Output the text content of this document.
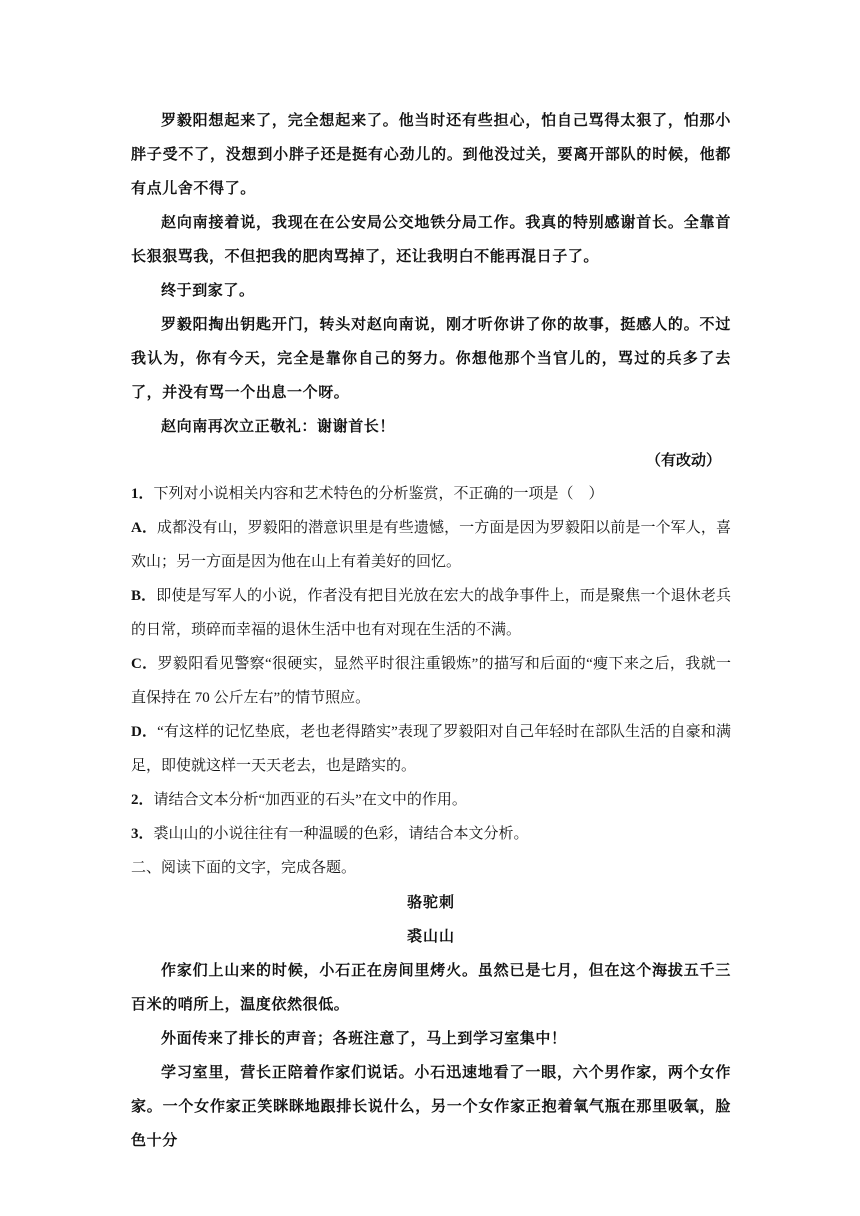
罗毅阳想起来了，完全想起来了。他当时还有些担心，怕自己骂得太狠了，怕那小胖子受不了，没想到小胖子还是挺有心劲儿的。到他没过关，要离开部队的时候，他都有点儿舍不得了。

赵向南接着说，我现在在公安局公交地铁分局工作。我真的特别感谢首长。全靠首长狠狠骂我，不但把我的肥肉骂掉了，还让我明白不能再混日子了。

终于到家了。

罗毅阳掏出钥匙开门，转头对赵向南说，刚才听你讲了你的故事，挺感人的。不过我认为，你有今天，完全是靠你自己的努力。你想他那个当官儿的，骂过的兵多了去了，并没有骂一个出息一个呀。

赵向南再次立正敬礼：谢谢首长！

（有改动）

1．下列对小说相关内容和艺术特色的分析鉴赏，不正确的一项是（　）

A．成都没有山，罗毅阳的潜意识里是有些遗憾，一方面是因为罗毅阳以前是一个军人，喜欢山；另一方面是因为他在山上有着美好的回忆。

B．即使是写军人的小说，作者没有把目光放在宏大的战争事件上，而是聚焦一个退休老兵的日常，琐碎而幸福的退休生活中也有对现在生活的不满。

C．罗毅阳看见警察“很硬实，显然平时很注重锻炼”的描写和后面的“瘦下来之后，我就一直保持在 70 公斤左右”的情节照应。

D．“有这样的记忆垫底，老也老得踏实”表现了罗毅阳对自己年轻时在部队生活的自豪和满足，即使就这样一天天老去，也是踏实的。

2．请结合文本分析“加西亚的石头”在文中的作用。

3．裘山山的小说往往有一种温暖的色彩，请结合本文分析。

二、阅读下面的文字，完成各题。

骆驼刺

裘山山

作家们上山来的时候，小石正在房间里烤火。虽然已是七月，但在这个海拔五千三百米的哨所上，温度依然很低。

外面传来了排长的声音；各班注意了，马上到学习室集中！

学习室里，营长正陪着作家们说话。小石迅速地看了一眼，六个男作家，两个女作家。一个女作家正笑眯眯地跟排长说什么，另一个女作家正抱着氧气瓶在那里吸氧，脸色十分
